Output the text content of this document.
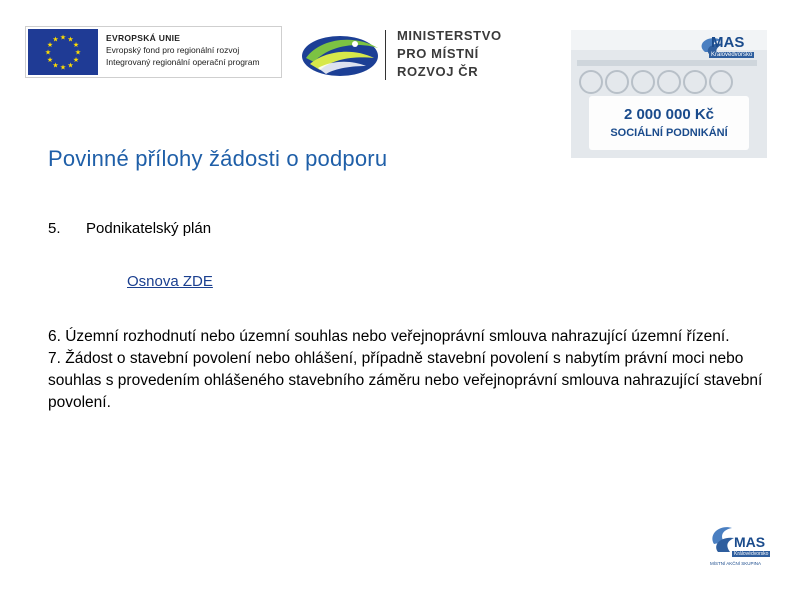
★ ★
★
★
★
★
★
★
★
★
★
★	EVROPSKÁ UNIE
Evropský fond pro regionální rozvoj
Integrovaný regionální operační program
MINISTERSTVO
PRO MÍSTNÍ
ROZVOJ ČR
MAS
Královédvorsko
2 000 000 Kč
SOCIÁLNÍ PODNIKÁNÍ
Povinné přílohy žádosti o podporu
5. Podnikatelský plán
Osnova ZDE

6. Územní rozhodnutí nebo územní souhlas nebo veřejnoprávní smlouva nahrazující územní řízení.

7. Žádost o stavební povolení nebo ohlášení, případně stavební povolení s nabytím právní moci nebo souhlas s provedením ohlášeného stavebního záměru nebo veřejnoprávní smlouva nahrazující stavební povolení.

MAS
Královédvorsko
MÍSTNÍ AKČNÍ SKUPINA
